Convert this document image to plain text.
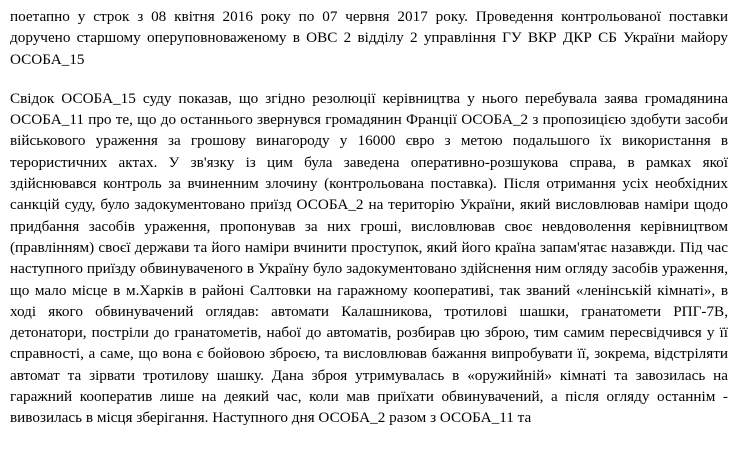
поетапно у строк з 08 квітня 2016 року по 07 червня 2017 року. Проведення контрольованої поставки доручено старшому оперуповноваженому в ОВС 2 відділу 2 управління ГУ ВКР ДКР СБ України майору ОСОБА_15

Свідок ОСОБА_15 суду показав, що згідно резолюції керівництва у нього перебувала заява громадянина ОСОБА_11 про те, що до останнього звернувся громадянин Франції ОСОБА_2 з пропозицією здобути засоби військового ураження за грошову винагороду у 16000 євро з метою подальшого їх використання в терористичних актах. У зв'язку із цим була заведена оперативно-розшукова справа, в рамках якої здійснювався контроль за вчиненним злочину (контрольована поставка). Після отримання усіх необхідних санкцій суду, було задокументовано приїзд ОСОБА_2 на територію України, який висловлював наміри щодо придбання засобів ураження, пропонував за них гроші, висловлював своє невдоволення керівництвом (правлінням) своєї держави та його наміри вчинити проступок, який його країна запам'ятає назавжди. Під час наступного приїзду обвинуваченого в Україну було задокументовано здійснення ним огляду засобів ураження, що мало місце в м.Харків в районі Салтовки на гаражному кооперативі, так званий «ленінській кімнаті», в ході якого обвинувачений оглядав: автомати Калашникова, тротилові шашки, гранатомети РПГ-7В, детонатори, постріли до гранатометів, набої до автоматів, розбирав цю зброю, тим самим пересвідчився у її справності, а саме, що вона є бойовою зброєю, та висловлював бажання випробувати її, зокрема, відстріляти автомат та зірвати тротилову шашку. Дана зброя утримувалась в «оружийній» кімнаті та завозилась на гаражний кооператив лише на деякий час, коли мав приїхати обвинувачений, а після огляду останнім - вивозилась в місця зберігання. Наступного дня ОСОБА_2 разом з ОСОБА_11 та
